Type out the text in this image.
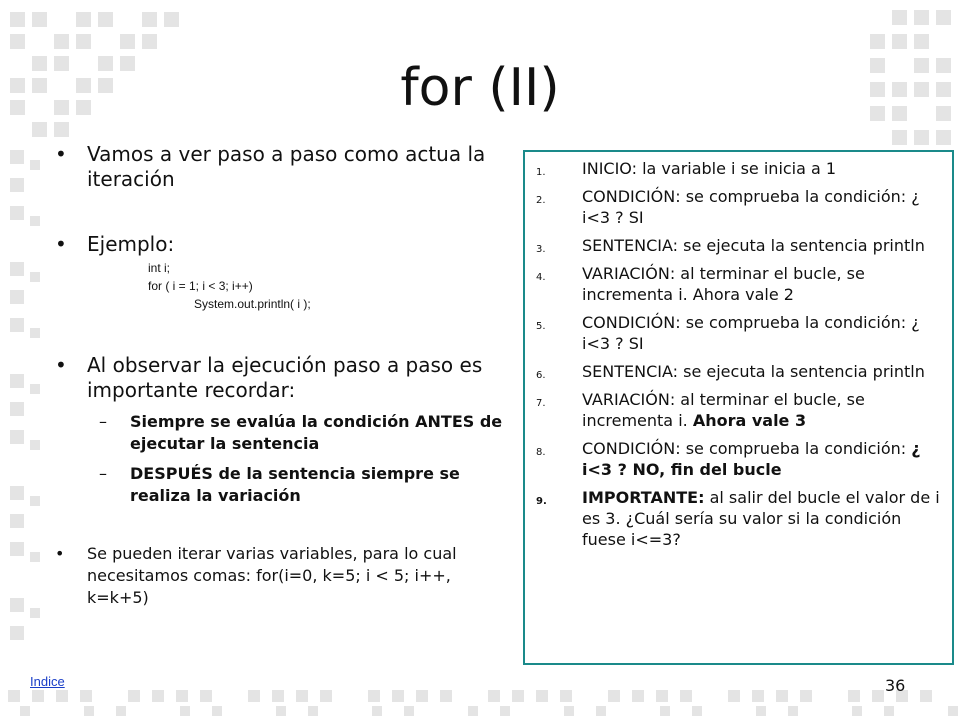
for (II)
• Vamos a ver paso a paso como actua la iteración
• Ejemplo:
int i;
for ( i = 1; i < 3; i++)
System.out.println( i );
• Al observar la ejecución paso a paso es importante recordar:
– Siempre se evalúa la condición ANTES de ejecutar la sentencia
– DESPUÉS de la sentencia siempre se realiza la variación
• Se pueden iterar varias variables, para lo cual necesitamos comas: for(i=0, k=5; i < 5; i++, k=k+5)
1. INICIO: la variable i se inicia a 1
2. CONDICIÓN: se comprueba la condición: ¿ i<3 ? SI
3. SENTENCIA: se ejecuta la sentencia println
4. VARIACIÓN: al terminar el bucle, se incrementa i. Ahora vale 2
5. CONDICIÓN: se comprueba la condición: ¿ i<3 ? SI
6. SENTENCIA: se ejecuta la sentencia println
7. VARIACIÓN: al terminar el bucle, se incrementa i. Ahora vale 3
8. CONDICIÓN: se comprueba la condición: ¿ i<3 ? NO, fin del bucle
9. IMPORTANTE: al salir del bucle el valor de i es 3. ¿Cuál sería su valor si la condición fuese i<=3?
Indice	36
